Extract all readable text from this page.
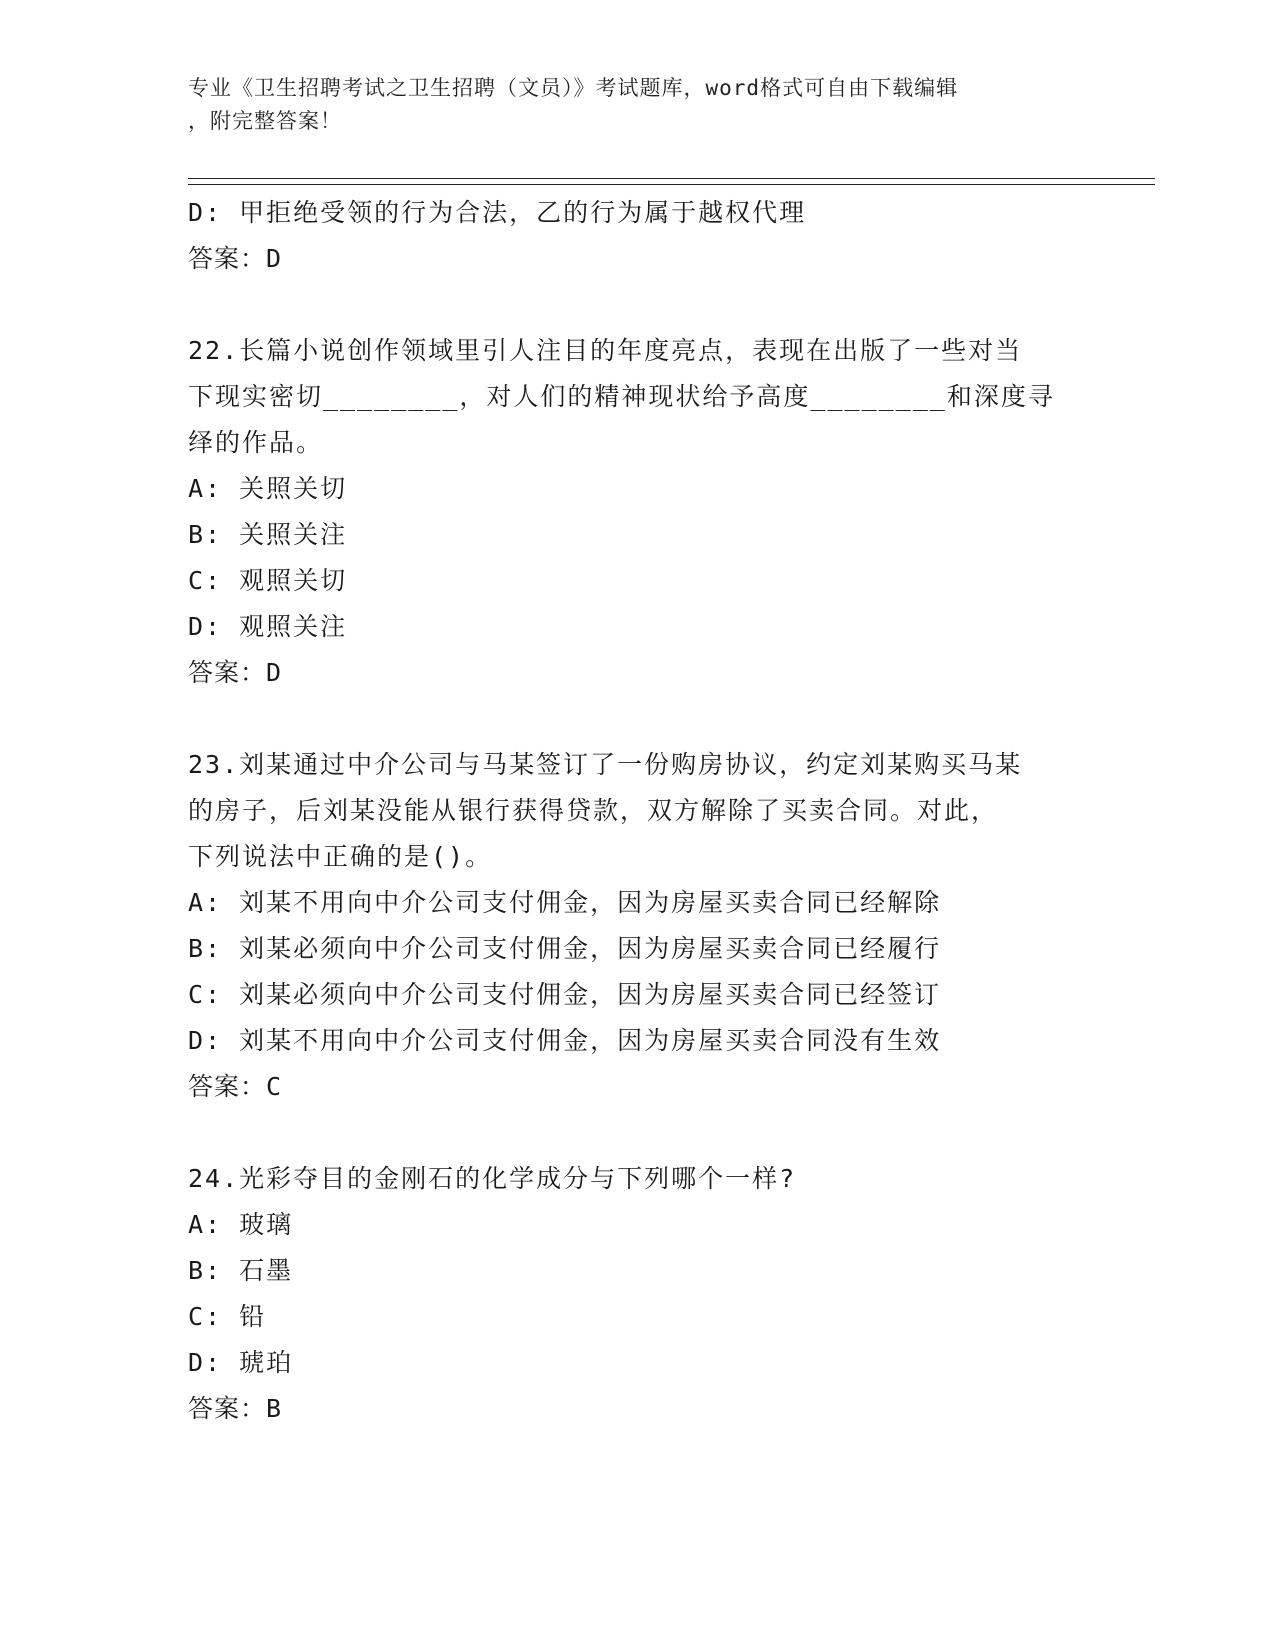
专业《卫生招聘考试之卫生招聘（文员）》考试题库，word格式可自由下载编辑
，附完整答案！
D: 甲拒绝受领的行为合法，乙的行为属于越权代理
答案：D
22.长篇小说创作领域里引人注目的年度亮点，表现在出版了一些对当
下现实密切________，对人们的精神现状给予高度________和深度寻
绎的作品。
A: 关照关切
B: 关照关注
C: 观照关切
D: 观照关注
答案：D
23.刘某通过中介公司与马某签订了一份购房协议，约定刘某购买马某
的房子，后刘某没能从银行获得贷款，双方解除了买卖合同。对此，
下列说法中正确的是()。
A: 刘某不用向中介公司支付佣金，因为房屋买卖合同已经解除
B: 刘某必须向中介公司支付佣金，因为房屋买卖合同已经履行
C: 刘某必须向中介公司支付佣金，因为房屋买卖合同已经签订
D: 刘某不用向中介公司支付佣金，因为房屋买卖合同没有生效
答案：C
24.光彩夺目的金刚石的化学成分与下列哪个一样?
A: 玻璃
B: 石墨
C: 铅
D: 琥珀
答案：B
